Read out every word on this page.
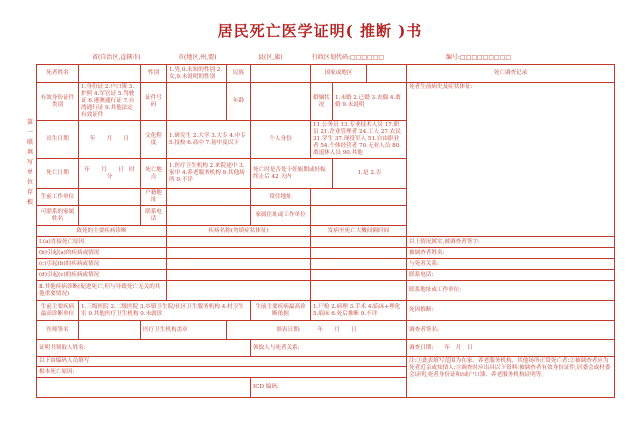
居民死亡医学证明( 推断 )书
省(自治区,直辖市)	市(地区,州,盟)	县(区,旗)	行政区划代码:□□□□□□	编号:□□□□□□□□□
第一联 填写单位存根
死者姓名		性别	1.男,0.未知的性别 2.女,9.未说明的性别	民族		国家或地区			死亡调查记录
有效身份证件类别	1.身份证 2.户口簿 3.护照 4.军官证 5.驾驶证 6.港澳通行证 7.台湾通行证 9.其他法定有效证件	证件号码		年龄		婚姻状况	1.未婚 2.已婚 3.丧偶 4.离婚 9.未说明		死者生前病史及症状体征:
出生日期	年　　月　　日	文化程度	1.研究生 2.大学 3.大专 4.中专 5.技校 6.高中 7.初中及以下		个人身份	11.公务员 13.专业技术人员 17.职员 21.企业管理者 24.工人 27.农民 31.学生 37.现役军人 51.自由职业者 54.个体经营者 70.无业人员 80.离退休人员 90.其他			
死亡日期	年　　月　　日　时　　分	死亡地点	1.医疗卫生机构 2.来院途中 3.家中 4.养老服务机构 9.其他场所 0.不详		死亡时是否处于妊娠期或妊娠终止后 42 天内		1.是 2.否		
生前工作单位		户籍地址			常住地址				
可联系的家属姓名		联系电话			家属住址或工作单位				
致死的主要疾病诊断			疾病名称(勿填症状体征)			发病至死亡大概间隔时间			
Ⅰ.(a)直接死亡原因									以上情况属实,被调查者签字:
(b)引起(a)的疾病或情况									被调查者姓名:
(c)引起(b)的疾病或情况									与死者关系:
(d)引起(c)的疾病或情况									联系电话:
Ⅱ.其他疾病诊断(促进死亡,但与导致死亡无关的其他重要情况)									联系地址或工作单位:
生前主要疾病最高诊断单位	1.三级医院 2.二级医院 3.乡镇卫生院/社区卫生服务机构 4.村卫生室 9.其他医疗卫生机构 0.未就诊				生前主要疾病最高诊断依据	1.尸检 2.病理 3.手术 4.临床+理化 5.临床 6.死后推断 9.不详			死因推断:
医师签名		医疗卫生机构盖章		填表日期:　　　年　　月　　日					调查者签名:
证明书领取人姓名:					领取人与死者关系:				调查日期:　　年　月　日
以下由编码人员填写									注:①此表填写范围为在家、养老服务机构、其他场所正常死亡者;②被调查者应为死者近亲或知情人;③调查时应出具以下资料:被调查者有效身份证件,居委会或村委会证明,死者身份证和/或户口簿、养老服务机构证明等。
根本死亡原因:									
					ICD 编码:				
